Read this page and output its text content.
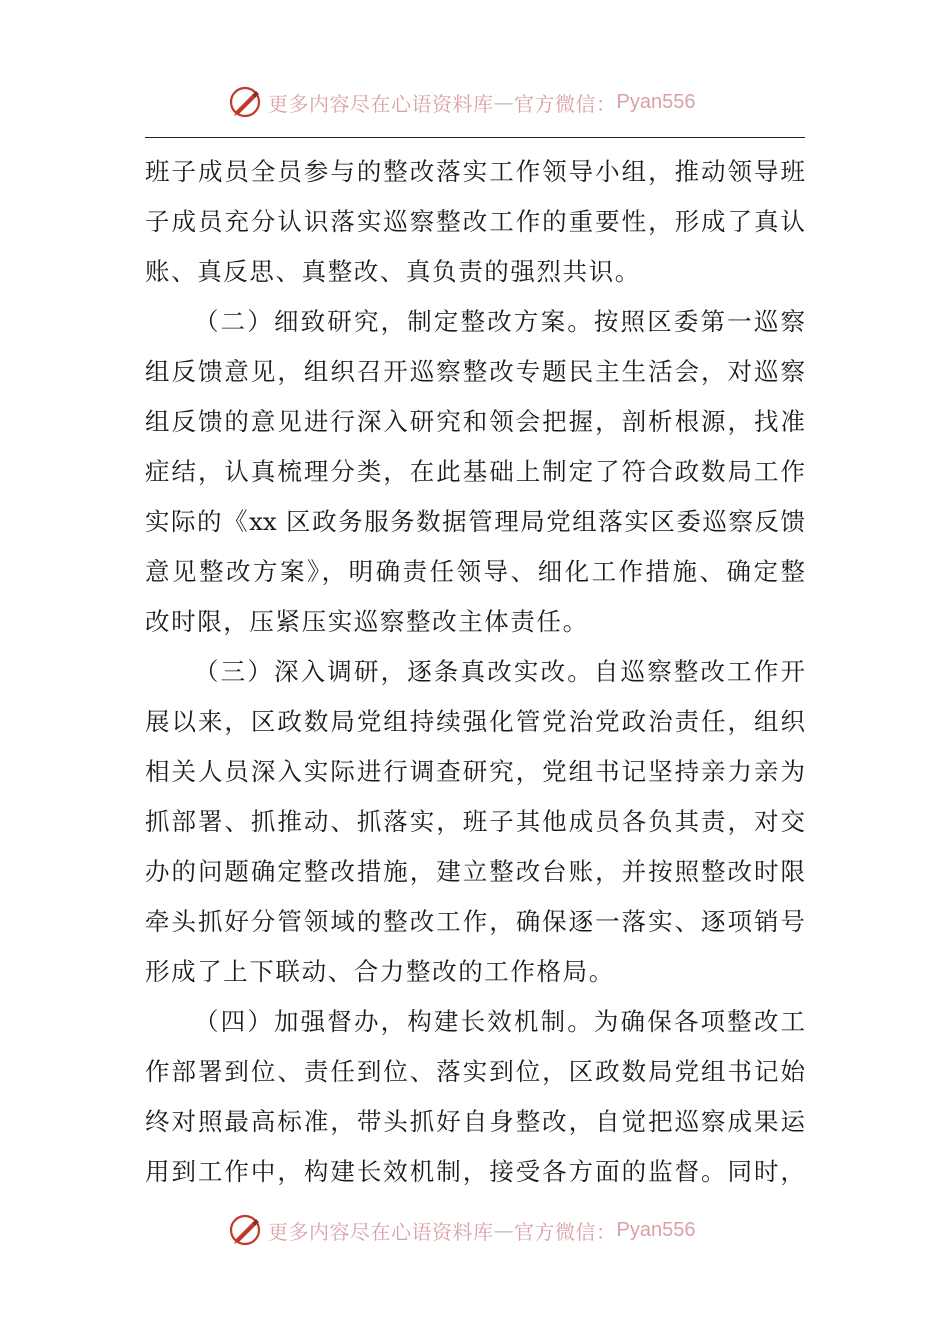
更多内容尽在心语资料库 — 官方微信： Pyan556
班子成员全员参与的整改落实工作领导小组，推动领导班
子成员充分认识落实巡察整改工作的重要性，形成了真认
账、真反思、真整改、真负责的强烈共识。
（二）细致研究，制定整改方案。按照区委第一巡察
组反馈意见，组织召开巡察整改专题民主生活会，对巡察
组反馈的意见进行深入研究和领会把握，剖析根源，找准
症结，认真梳理分类，在此基础上制定了符合政数局工作
实际的《xx 区政务服务数据管理局党组落实区委巡察反馈
意见整改方案》，明确责任领导、细化工作措施、确定整
改时限，压紧压实巡察整改主体责任。
（三）深入调研，逐条真改实改。自巡察整改工作开
展以来，区政数局党组持续强化管党治党政治责任，组织
相关人员深入实际进行调查研究，党组书记坚持亲力亲为
抓部署、抓推动、抓落实，班子其他成员各负其责，对交
办的问题确定整改措施，建立整改台账，并按照整改时限
牵头抓好分管领域的整改工作，确保逐一落实、逐项销号
形成了上下联动、合力整改的工作格局。
（四）加强督办，构建长效机制。为确保各项整改工
作部署到位、责任到位、落实到位，区政数局党组书记始
终对照最高标准，带头抓好自身整改，自觉把巡察成果运
用到工作中，构建长效机制，接受各方面的监督。同时，
更多内容尽在心语资料库 — 官方微信： Pyan556
